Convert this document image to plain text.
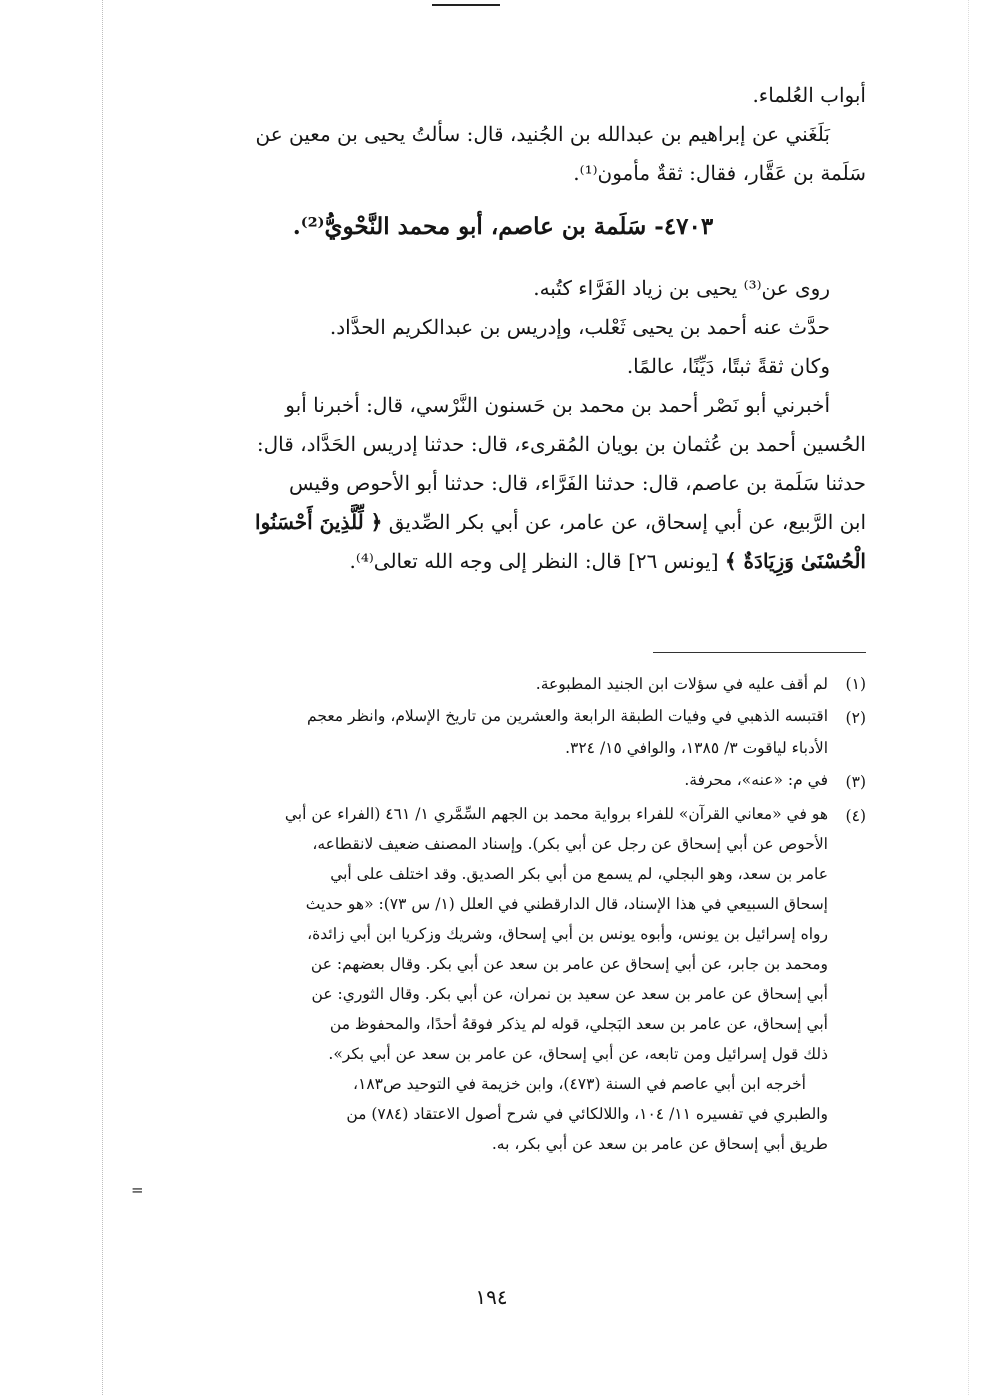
أبواب العُلماء.

بَلَغَني عن إبراهيم بن عبدالله بن الجُنيد، قال: سألتُ يحيى بن معين عن

سَلَمة بن عَقَّار، فقال: ثقةٌ مأمون⁽¹⁾.

٤٧٠٣- سَلَمة بن عاصم، أبو محمد النَّحْويُّ⁽²⁾.

روى عن⁽³⁾ يحيى بن زياد الفَرَّاء كتُبه.

حدَّث عنه أحمد بن يحيى ثَعْلب، وإدريس بن عبدالكريم الحدَّاد.

وكان ثقةً ثبتًا، دَيِّنًا، عالمًا.

أخبرني أبو نَصْر أحمد بن محمد بن حَسنون النَّرْسي، قال: أخبرنا أبو

الحُسين أحمد بن عُثمان بن بويان المُقرىء، قال: حدثنا إدريس الحَدَّاد، قال:

حدثنا سَلَمة بن عاصم، قال: حدثنا الفَرَّاء، قال: حدثنا أبو الأحوص وقيس

ابن الرَّبيع، عن أبي إسحاق، عن عامر، عن أبي بكر الصِّديق ﴿ لِّلَّذِينَ أَحْسَنُوا

الْحُسْنَىٰ وَزِيَادَةٌ ﴾ [يونس ٢٦] قال: النظر إلى وجه الله تعالى⁽⁴⁾.

(١)
لم أقف عليه في سؤلات ابن الجنيد المطبوعة.
(٢)
اقتبسه الذهبي في وفيات الطبقة الرابعة والعشرين من تاريخ الإسلام، وانظر معجم
الأدباء لياقوت ٣/ ١٣٨٥، والوافي ١٥/ ٣٢٤.
(٣)
في م: «عنه»، محرفة.
(٤)
هو في «معاني القرآن» للفراء برواية محمد بن الجهم السِّمَّري ١/ ٤٦١ (الفراء عن أبي
الأحوص عن أبي إسحاق عن رجل عن أبي بكر). وإسناد المصنف ضعيف لانقطاعه،
عامر بن سعد، وهو البجلي، لم يسمع من أبي بكر الصديق. وقد اختلف على أبي
إسحاق السبيعي في هذا الإسناد، قال الدارقطني في العلل (١/ س ٧٣): «هو حديث
رواه إسرائيل بن يونس، وأبوه يونس بن أبي إسحاق، وشريك وزكريا ابن أبي زائدة،
ومحمد بن جابر، عن أبي إسحاق عن عامر بن سعد عن أبي بكر. وقال بعضهم: عن
أبي إسحاق عن عامر بن سعد عن سعيد بن نمران، عن أبي بكر. وقال الثوري: عن
أبي إسحاق، عن عامر بن سعد البَجلي، قوله لم يذكر فوقهُ أحدًا، والمحفوظ من
ذلك قول إسرائيل ومن تابعه، عن أبي إسحاق، عن عامر بن سعد عن أبي بكر».
أخرجه ابن أبي عاصم في السنة (٤٧٣)، وابن خزيمة في التوحيد ص١٨٣،
والطبري في تفسيره ١١/ ١٠٤، واللالكائي في شرح أصول الاعتقاد (٧٨٤) من
طريق أبي إسحاق عن عامر بن سعد عن أبي بكر، به.
=
١٩٤
